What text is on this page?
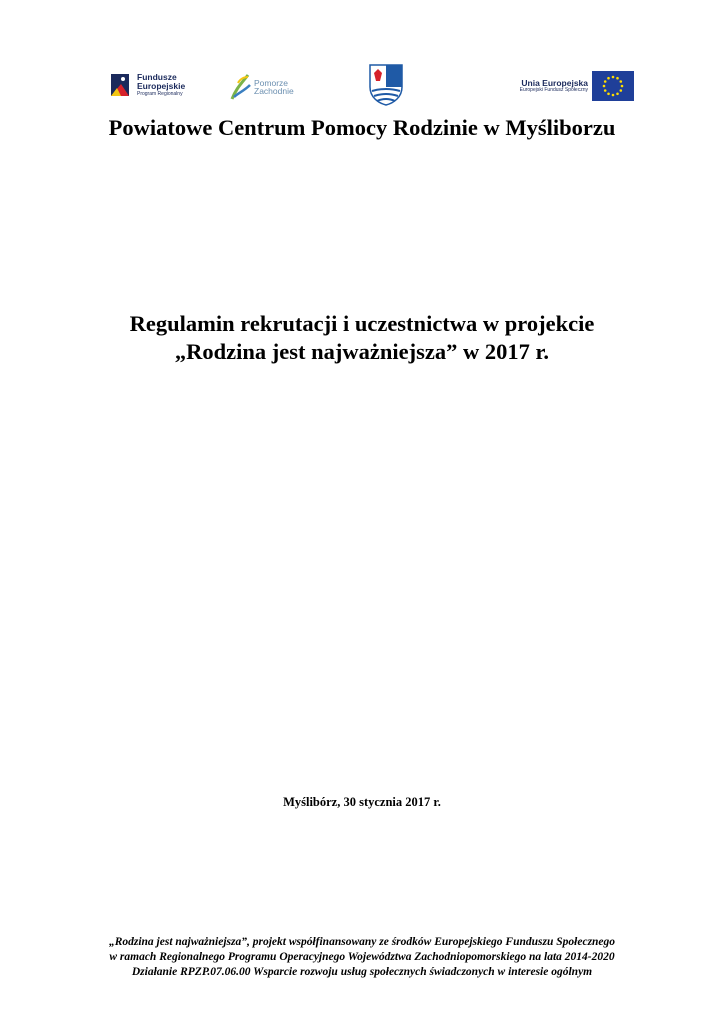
Fundusze
Europejskie
Program Regionalny
Pomorze
Zachodnie
Unia Europejska
Europejski Fundusz Społeczny
Powiatowe Centrum Pomocy Rodzinie w Myśliborzu
Regulamin rekrutacji i uczestnictwa w projekcie
„Rodzina jest najważniejsza” w 2017 r.
Myślibórz, 30 stycznia 2017 r.
„Rodzina jest najważniejsza”, projekt współfinansowany ze środków Europejskiego Funduszu Społecznego
w ramach Regionalnego Programu Operacyjnego Województwa Zachodniopomorskiego na lata 2014-2020
Działanie RPZP.07.06.00 Wsparcie rozwoju usług społecznych świadczonych w interesie ogólnym
